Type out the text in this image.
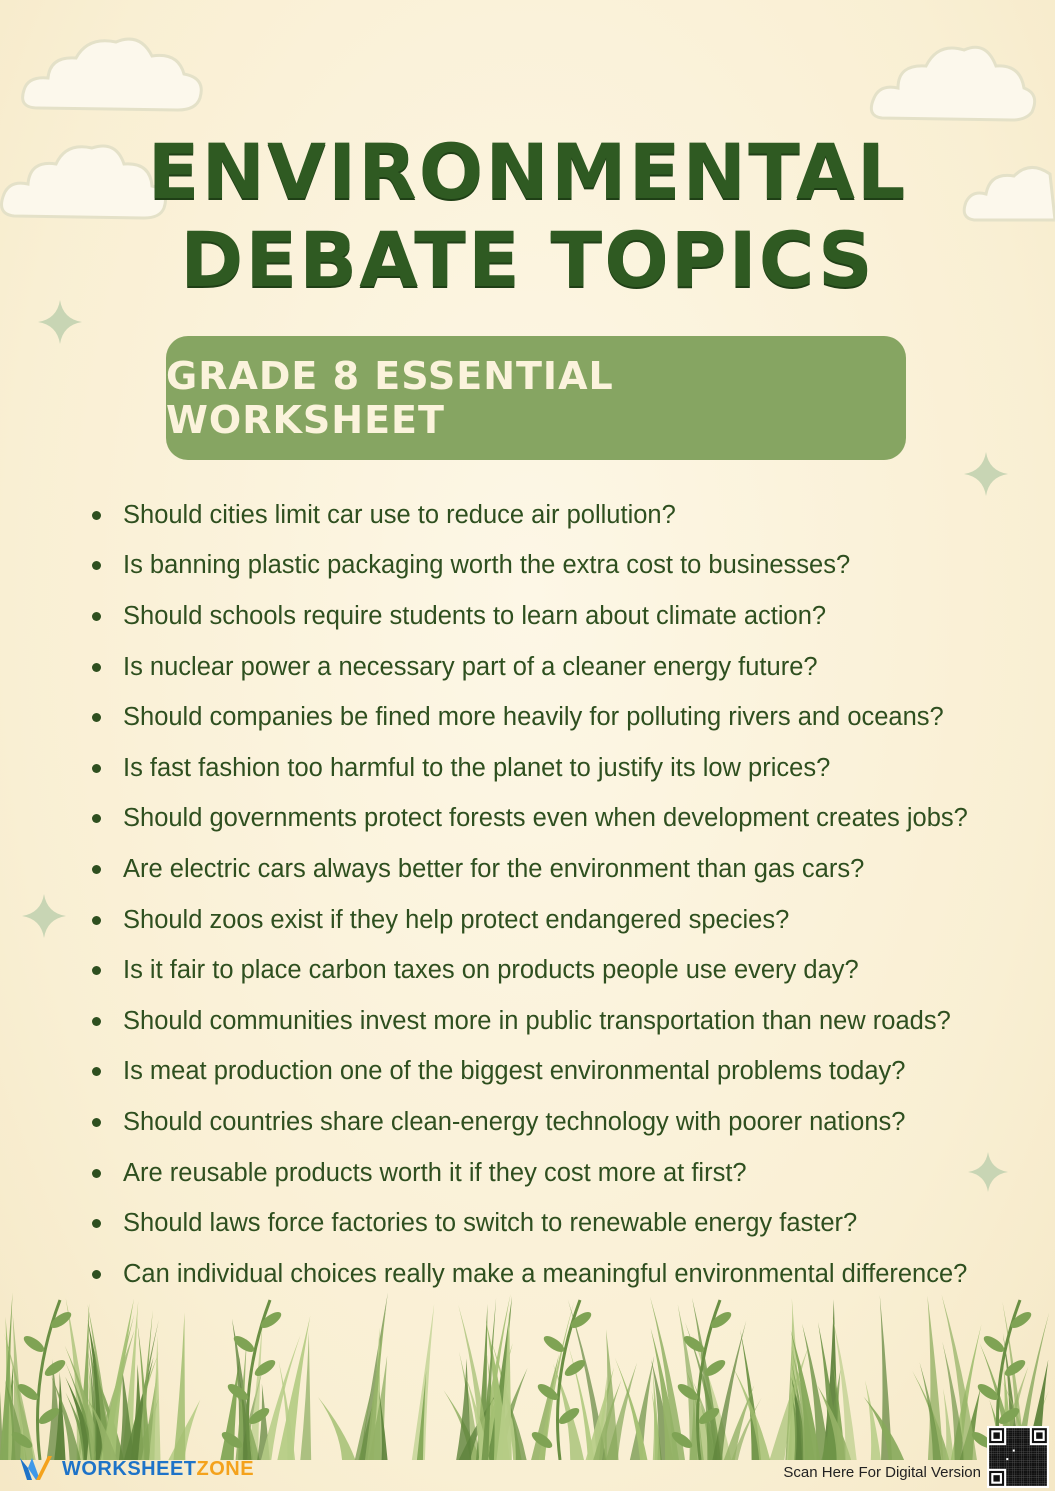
ENVIRONMENTAL
DEBATE TOPICS
GRADE 8 ESSENTIAL WORKSHEET
Should cities limit car use to reduce air pollution?
Is banning plastic packaging worth the extra cost to businesses?
Should schools require students to learn about climate action?
Is nuclear power a necessary part of a cleaner energy future?
Should companies be fined more heavily for polluting rivers and oceans?
Is fast fashion too harmful to the planet to justify its low prices?
Should governments protect forests even when development creates jobs?
Are electric cars always better for the environment than gas cars?
Should zoos exist if they help protect endangered species?
Is it fair to place carbon taxes on products people use every day?
Should communities invest more in public transportation than new roads?
Is meat production one of the biggest environmental problems today?
Should countries share clean-energy technology with poorer nations?
Are reusable products worth it if they cost more at first?
Should laws force factories to switch to renewable energy faster?
Can individual choices really make a meaningful environmental difference?
WORKSHEETZONE	Scan Here For Digital Version
